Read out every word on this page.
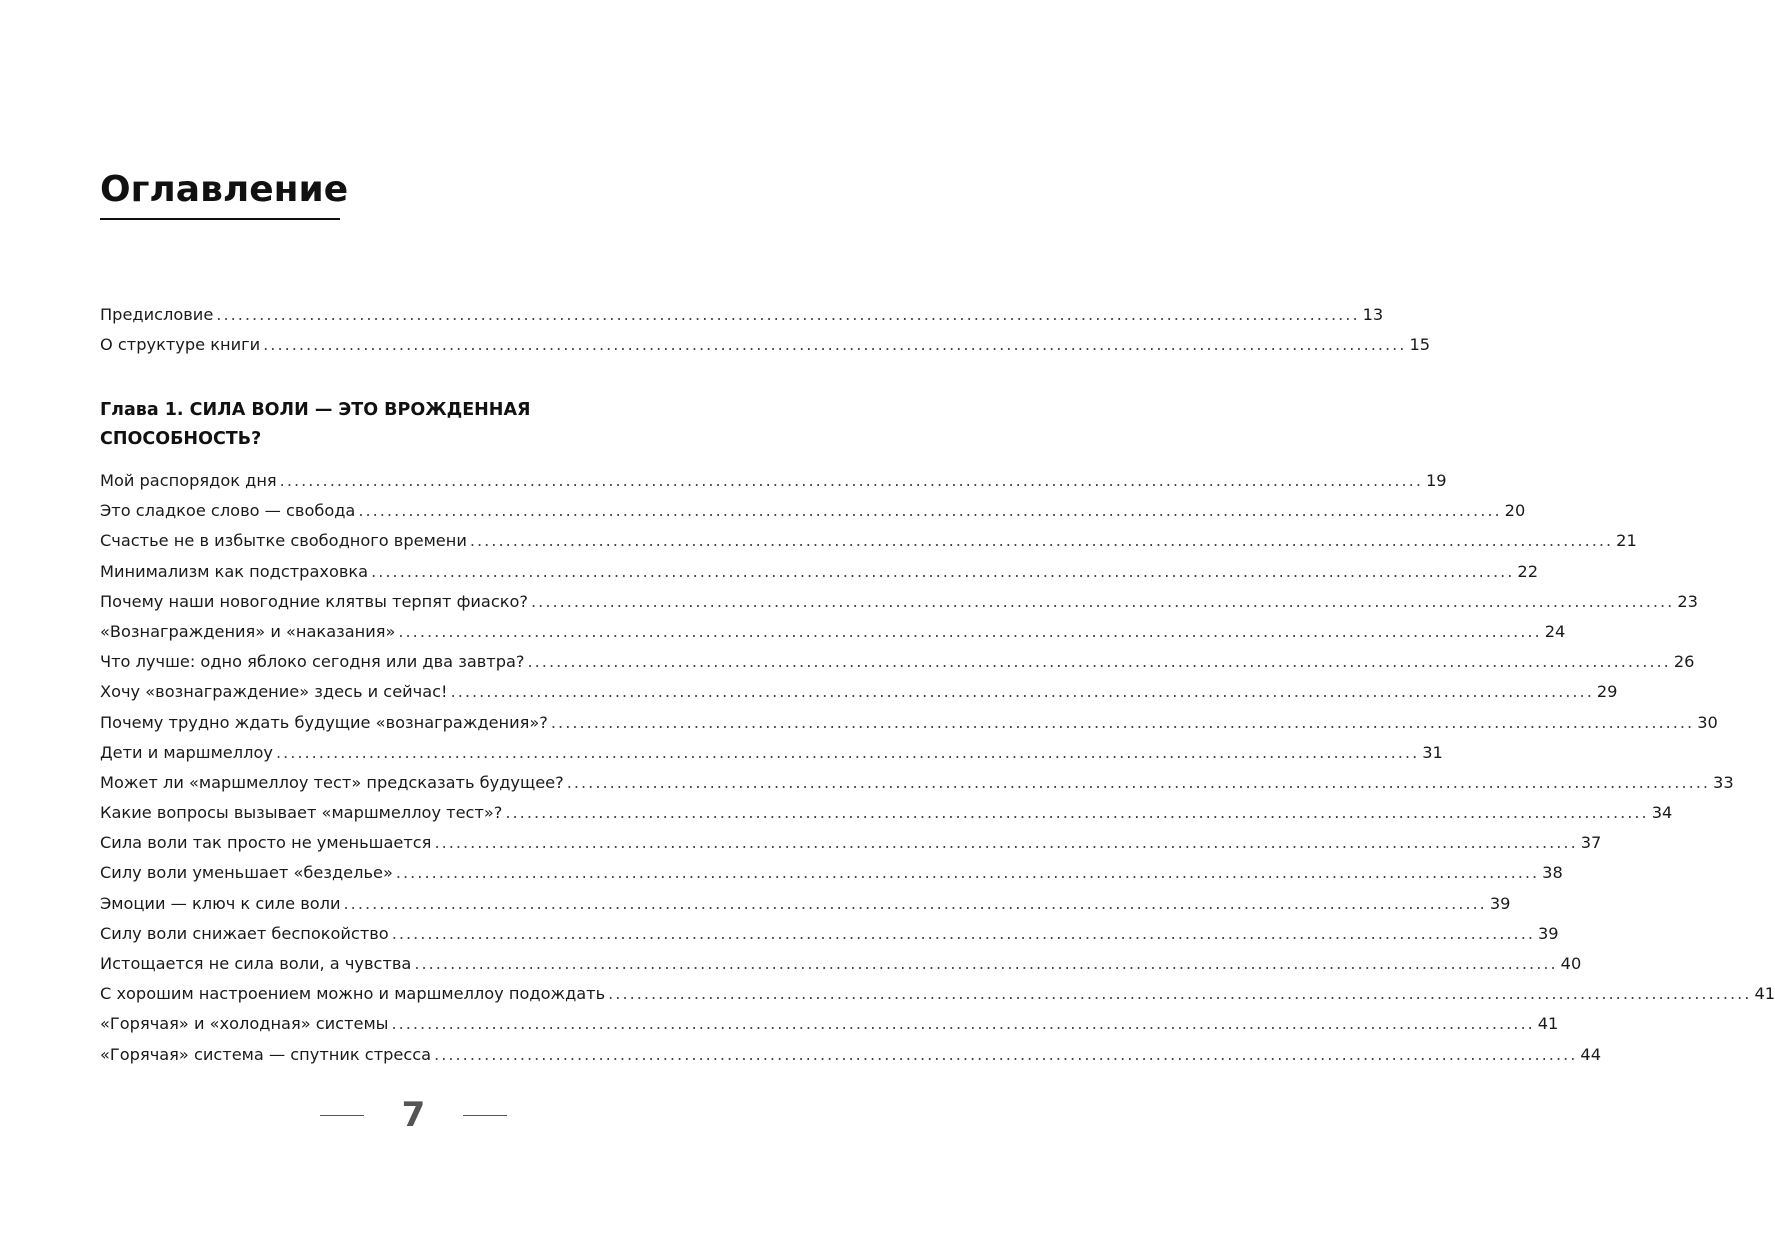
Оглавление
Предисловие .....	13
О структуре книги .....	15
Глава 1. СИЛА ВОЛИ — ЭТО ВРОЖДЕННАЯ
СПОСОБНОСТЬ?
Мой распорядок дня .....	19
Это сладкое слово — свобода .....	20
Счастье не в избытке свободного времени .....	21
Минимализм как подстраховка .....	22
Почему наши новогодние клятвы терпят фиаско? .....	23
«Вознаграждения» и «наказания» .....	24
Что лучше: одно яблоко сегодня или два завтра? .....	26
Хочу «вознаграждение» здесь и сейчас! .....	29
Почему трудно ждать будущие «вознаграждения»? .....	30
Дети и маршмеллоу .....	31
Может ли «маршмеллоу тест» предсказать будущее? .....	33
Какие вопросы вызывает «маршмеллоу тест»? .....	34
Сила воли так просто не уменьшается .....	37
Силу воли уменьшает «безделье» .....	38
Эмоции — ключ к силе воли .....	39
Силу воли снижает беспокойство .....	39
Истощается не сила воли, а чувства .....	40
С хорошим настроением можно и маршмеллоу подождать .....	41
«Горячая» и «холодная» системы .....	41
«Горячая» система — спутник стресса .....	44
7
